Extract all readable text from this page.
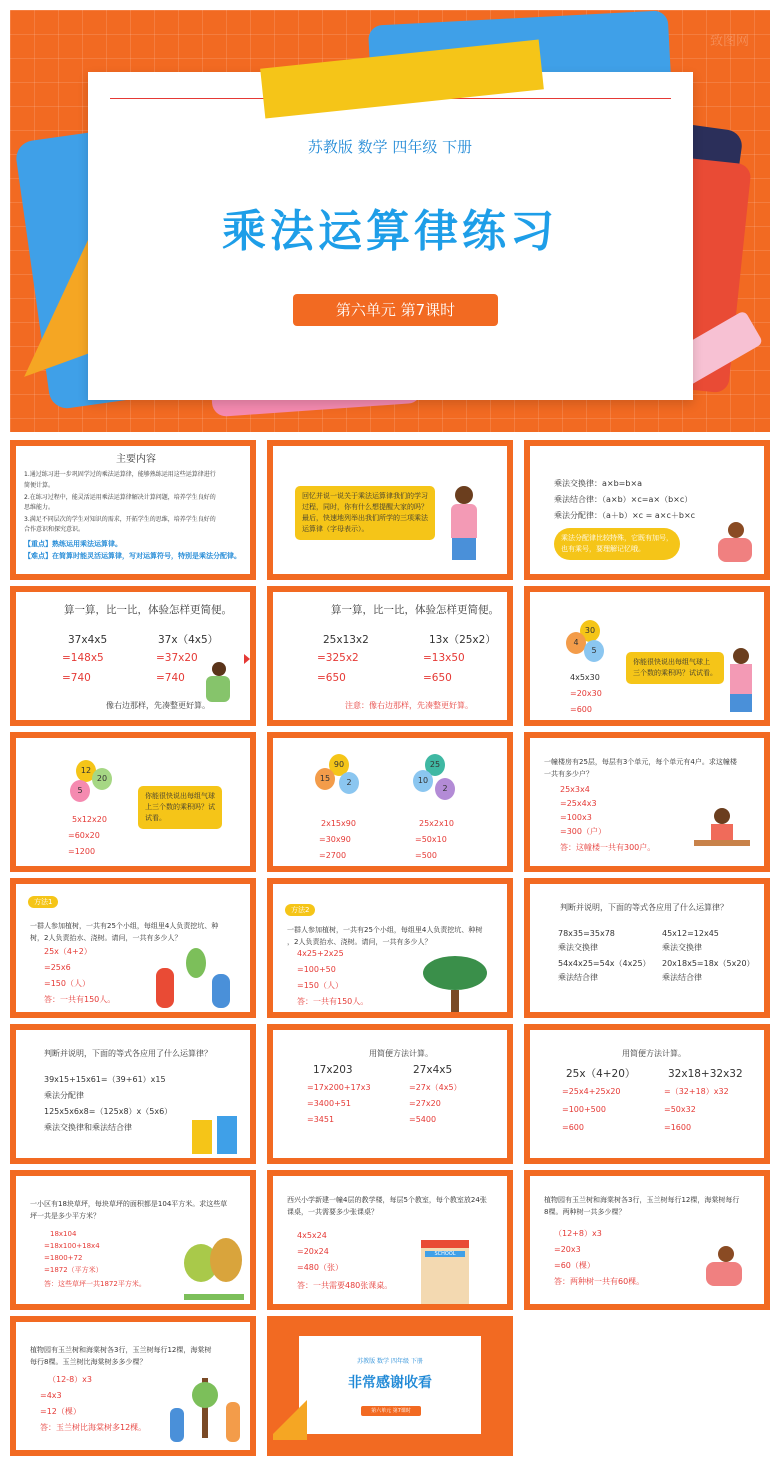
苏教版 数学 四年级 下册
乘法运算律练习
第六单元 第7课时
致图网
致图网
致图网
主要内容
1.通过练习进一步巩固学过的乘法运算律，能够熟练运用这些运算律进行
简便计算。
2.在练习过程中，能灵活运用乘法运算律解决计算问题，培养学生良好的
思维能力。
3.满足不同层次的学生对知识的需求，开拓学生的思维，培养学生良好的
合作意识和探究意识。
【重点】熟练运用乘法运算律。
【难点】在简算时能灵活运算律，写对运算符号，特别是乘法分配律。
回忆并说一说关于乘法运算律我们的学习
过程，同时，你有什么想提醒大家的吗？
最后，快速地列举出我们所学的三项乘法
运算律（字母表示）。
乘法交换律：a×b=b×a
乘法结合律：（a×b）×c=a×（b×c）
乘法分配律：（a＋b）×c = a×c＋b×c
乘法分配律比较特殊，它既有加号，
也有乘号，要理解记忆哦。
算一算，比一比，体验怎样更简便。
37x4x5
=148x5
=740
37x（4x5）
=37x20
=740
像右边那样，先凑整更好算。
算一算，比一比，体验怎样更简便。
25x13x2
=325x2
=650
13x（25x2）
=13x50
=650
注意：像右边那样，先凑整更好算。
30
4
5
4x5x30
=20x30
=600
你能很快说出每组气球上
三个数的乘积吗？试试看。
12
20
5
5x12x20
=60x20
=1200
你能很快说出每组气球
上三个数的乘积吗？试
试看。
90
15	2
25
10
2
2x15x90
=30x90
=2700
25x2x10
=50x10
=500
一幢楼房有25层，每层有3个单元，每个单元有4户。求这幢楼
一共有多少户？
25x3x4
=25x4x3
=100x3
=300（户）
答：这幢楼一共有300户。
方法1
一群人参加植树，一共有25个小组，每组里4人负责挖坑、种
树，2人负责抬水、浇树。请问，一共有多少人？
25x（4+2）
=25x6
=150（人）
答：一共有150人。
方法2
一群人参加植树，一共有25个小组，每组里4人负责挖坑、种树
，2人负责抬水、浇树。请问，一共有多少人？
4x25+2x25
=100+50
=150（人）
答：一共有150人。
判断并说明，下面的等式各应用了什么运算律？
78x35=35x78
乘法交换律
54x4x25=54x（4x25）
乘法结合律
45x12=12x45
乘法交换律
20x18x5=18x（5x20）
乘法结合律
判断并说明，下面的等式各应用了什么运算律？
39x15+15x61=（39+61）x15
乘法分配律
125x5x6x8=（125x8）x（5x6）
乘法交换律和乘法结合律

用简便方法计算。
17x203
=17x200+17x3
=3400+51
=3451
27x4x5
=27x（4x5）
=27x20
=5400
用简便方法计算。
25x（4+20）
=25x4+25x20
=100+500
=600
32x18+32x32
=（32+18）x32
=50x32
=1600
一小区有18块草坪，每块草坪的面积都是104平方米。求这些草
坪一共是多少平方米？
18x104
=18x100+18x4
=1800+72
=1872（平方米）
答：这些草坪一共1872平方米。
西兴小学新建一幢4层的教学楼，每层5个教室，每个教室放24张
课桌，一共需要多少张课桌？
4x5x24
=20x24
=480（张）
答：一共需要480张课桌。
SCHOOL
植物园有玉兰树和海棠树各3行，玉兰树每行12棵，海棠树每行
8棵。两种树一共多少棵？
（12+8）x3
=20x3
=60（棵）
答：两种树一共有60棵。
植物园有玉兰树和海棠树各3行，玉兰树每行12棵，海棠树
每行8棵。玉兰树比海棠树多多少棵？
（12-8）x3
=4x3
=12（棵）
答：玉兰树比海棠树多12棵。
苏教版 数学 四年级 下册
非常感谢收看
第六单元 第7课时
